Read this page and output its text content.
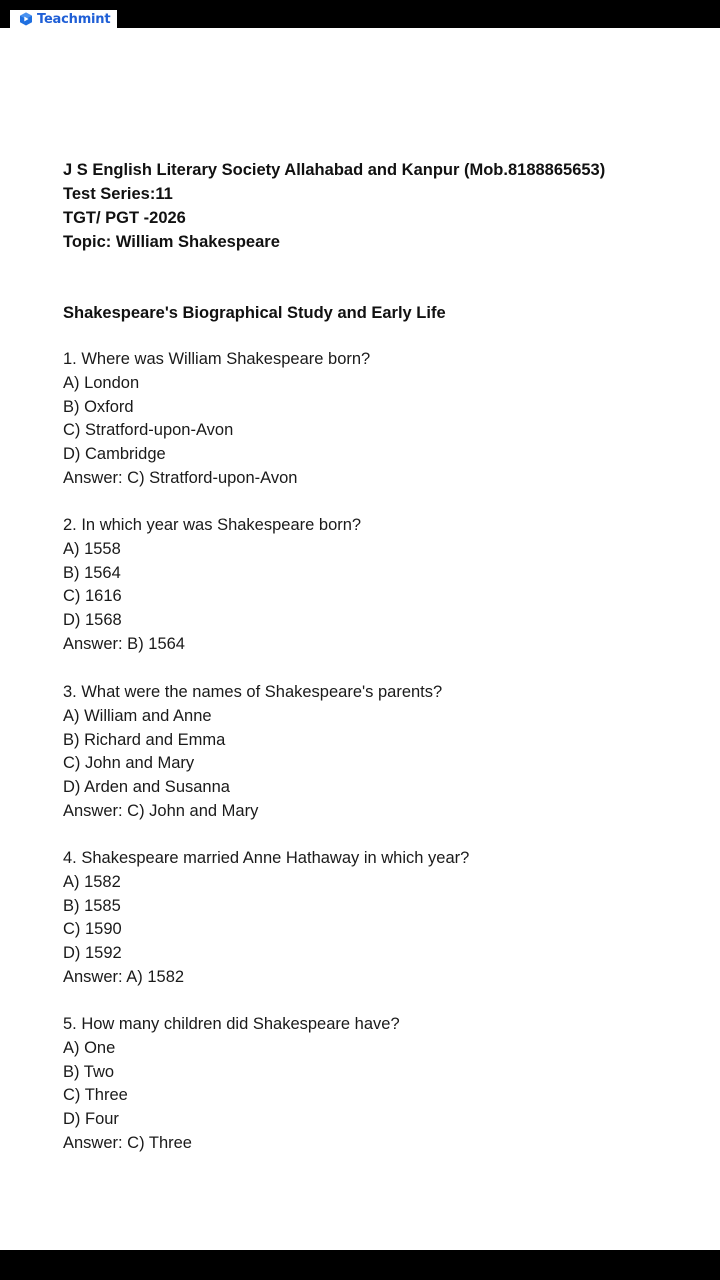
Teachmint
J S English Literary Society Allahabad and Kanpur (Mob.8188865653)
Test Series:11
TGT/ PGT -2026
Topic: William Shakespeare
Shakespeare's Biographical Study and Early Life
1. Where was William Shakespeare born?
A) London
B) Oxford
C) Stratford-upon-Avon
D) Cambridge
Answer: C) Stratford-upon-Avon
2. In which year was Shakespeare born?
A) 1558
B) 1564
C) 1616
D) 1568
Answer: B) 1564
3. What were the names of Shakespeare's parents?
A) William and Anne
B) Richard and Emma
C) John and Mary
D) Arden and Susanna
Answer: C) John and Mary
4. Shakespeare married Anne Hathaway in which year?
A) 1582
B) 1585
C) 1590
D) 1592
Answer: A) 1582
5. How many children did Shakespeare have?
A) One
B) Two
C) Three
D) Four
Answer: C) Three
